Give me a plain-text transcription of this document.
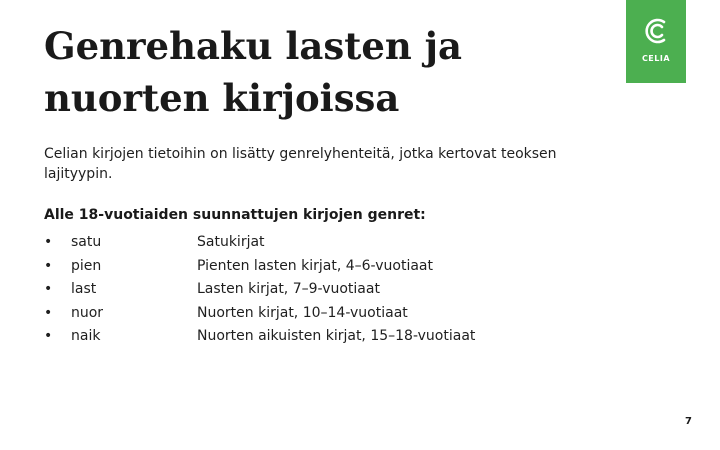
Genrehaku lasten ja
nuorten kirjoissa
CELIA

Celian kirjojen tietoihin on lisätty genrelyhenteitä, jotka kertovat teoksen lajityypin.

Alle 18-vuotiaiden suunnattujen kirjojen genret:

• satu	Satukirjat
• pien	Pienten lasten kirjat, 4–6-vuotiaat
• last	Lasten kirjat, 7–9-vuotiaat
• nuor	Nuorten kirjat, 10–14-vuotiaat
• naik	Nuorten aikuisten kirjat, 15–18-vuotiaat
7
